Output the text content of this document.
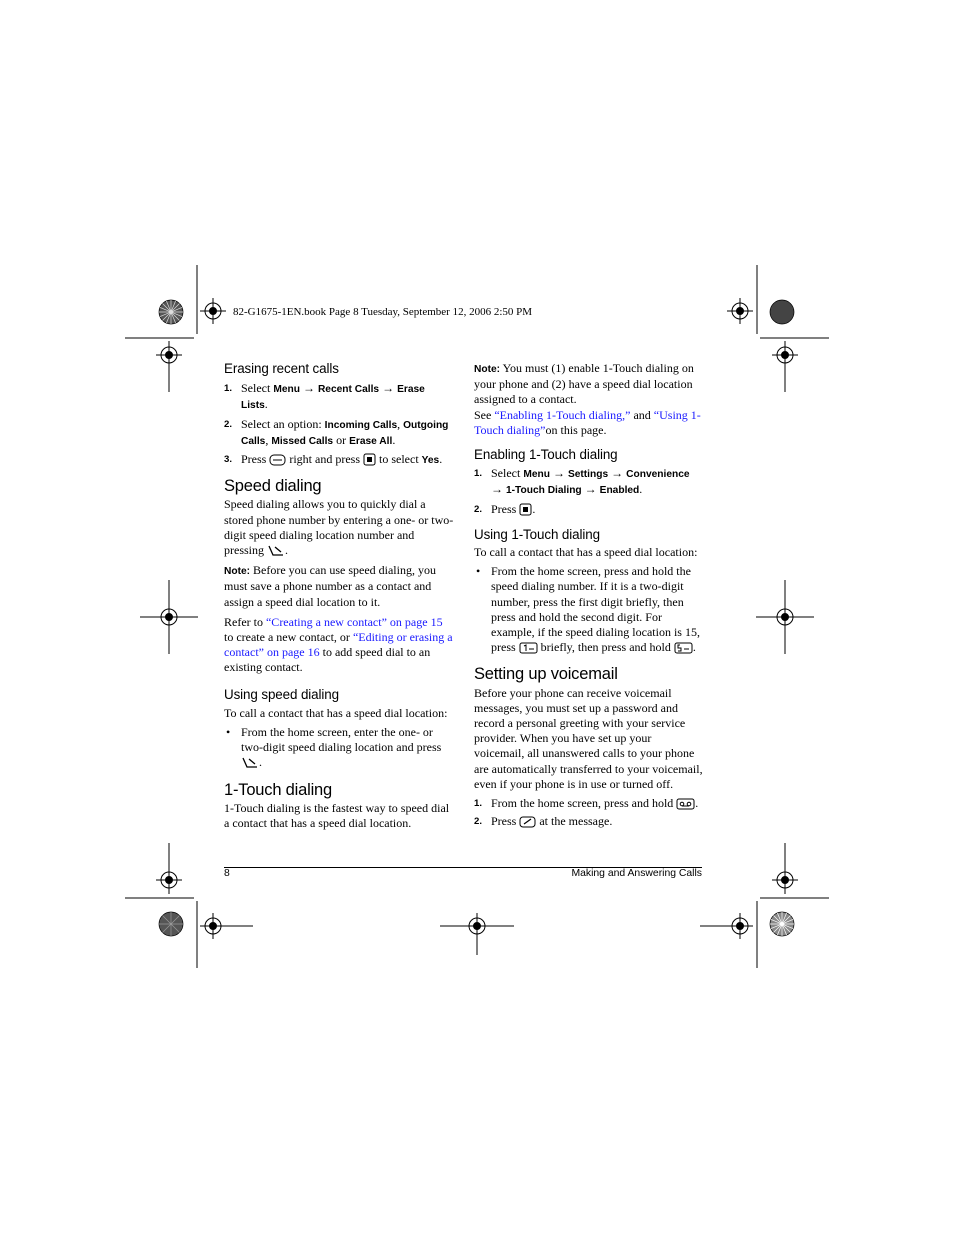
82-G1675-1EN.book Page 8 Tuesday, September 12, 2006 2:50 PM
Erasing recent calls
1. Select Menu → Recent Calls → Erase Lists.
2. Select an option: Incoming Calls, Outgoing Calls, Missed Calls or Erase All.
3. Press  right and press  to select Yes.
Speed dialing

Speed dialing allows you to quickly dial a stored phone number by entering a one- or two-digit speed dialing location number and pressing .

Note: Before you can use speed dialing, you must save a phone number as a contact and assign a speed dial location to it.

Refer to “Creating a new contact” on page 15 to create a new contact, or “Editing or erasing a contact” on page 16 to add speed dial to an existing contact.

Using speed dialing

To call a contact that has a speed dial location:

• From the home screen, enter the one- or two-digit speed dialing location and press .
1-Touch dialing

1-Touch dialing is the fastest way to speed dial a contact that has a speed dial location.

Note: You must (1) enable 1-Touch dialing on your phone and (2) have a speed dial location assigned to a contact.

See “Enabling 1-Touch dialing,” and “Using 1-Touch dialing”on this page.

Enabling 1-Touch dialing
1. Select Menu → Settings → Convenience → 1-Touch Dialing → Enabled.
2. Press .
Using 1-Touch dialing

To call a contact that has a speed dial location:

• From the home screen, press and hold the speed dialing number. If it is a two-digit number, press the first digit briefly, then press and hold the second digit. For example, if the speed dialing location is 15, press  briefly, then press and hold .
Setting up voicemail

Before your phone can receive voicemail messages, you must set up a password and record a personal greeting with your service provider. When you have set up your voicemail, all unanswered calls to your phone are automatically transferred to your voicemail, even if your phone is in use or turned off.

1. From the home screen, press and hold .
2. Press  at the message.
8	Making and Answering Calls
